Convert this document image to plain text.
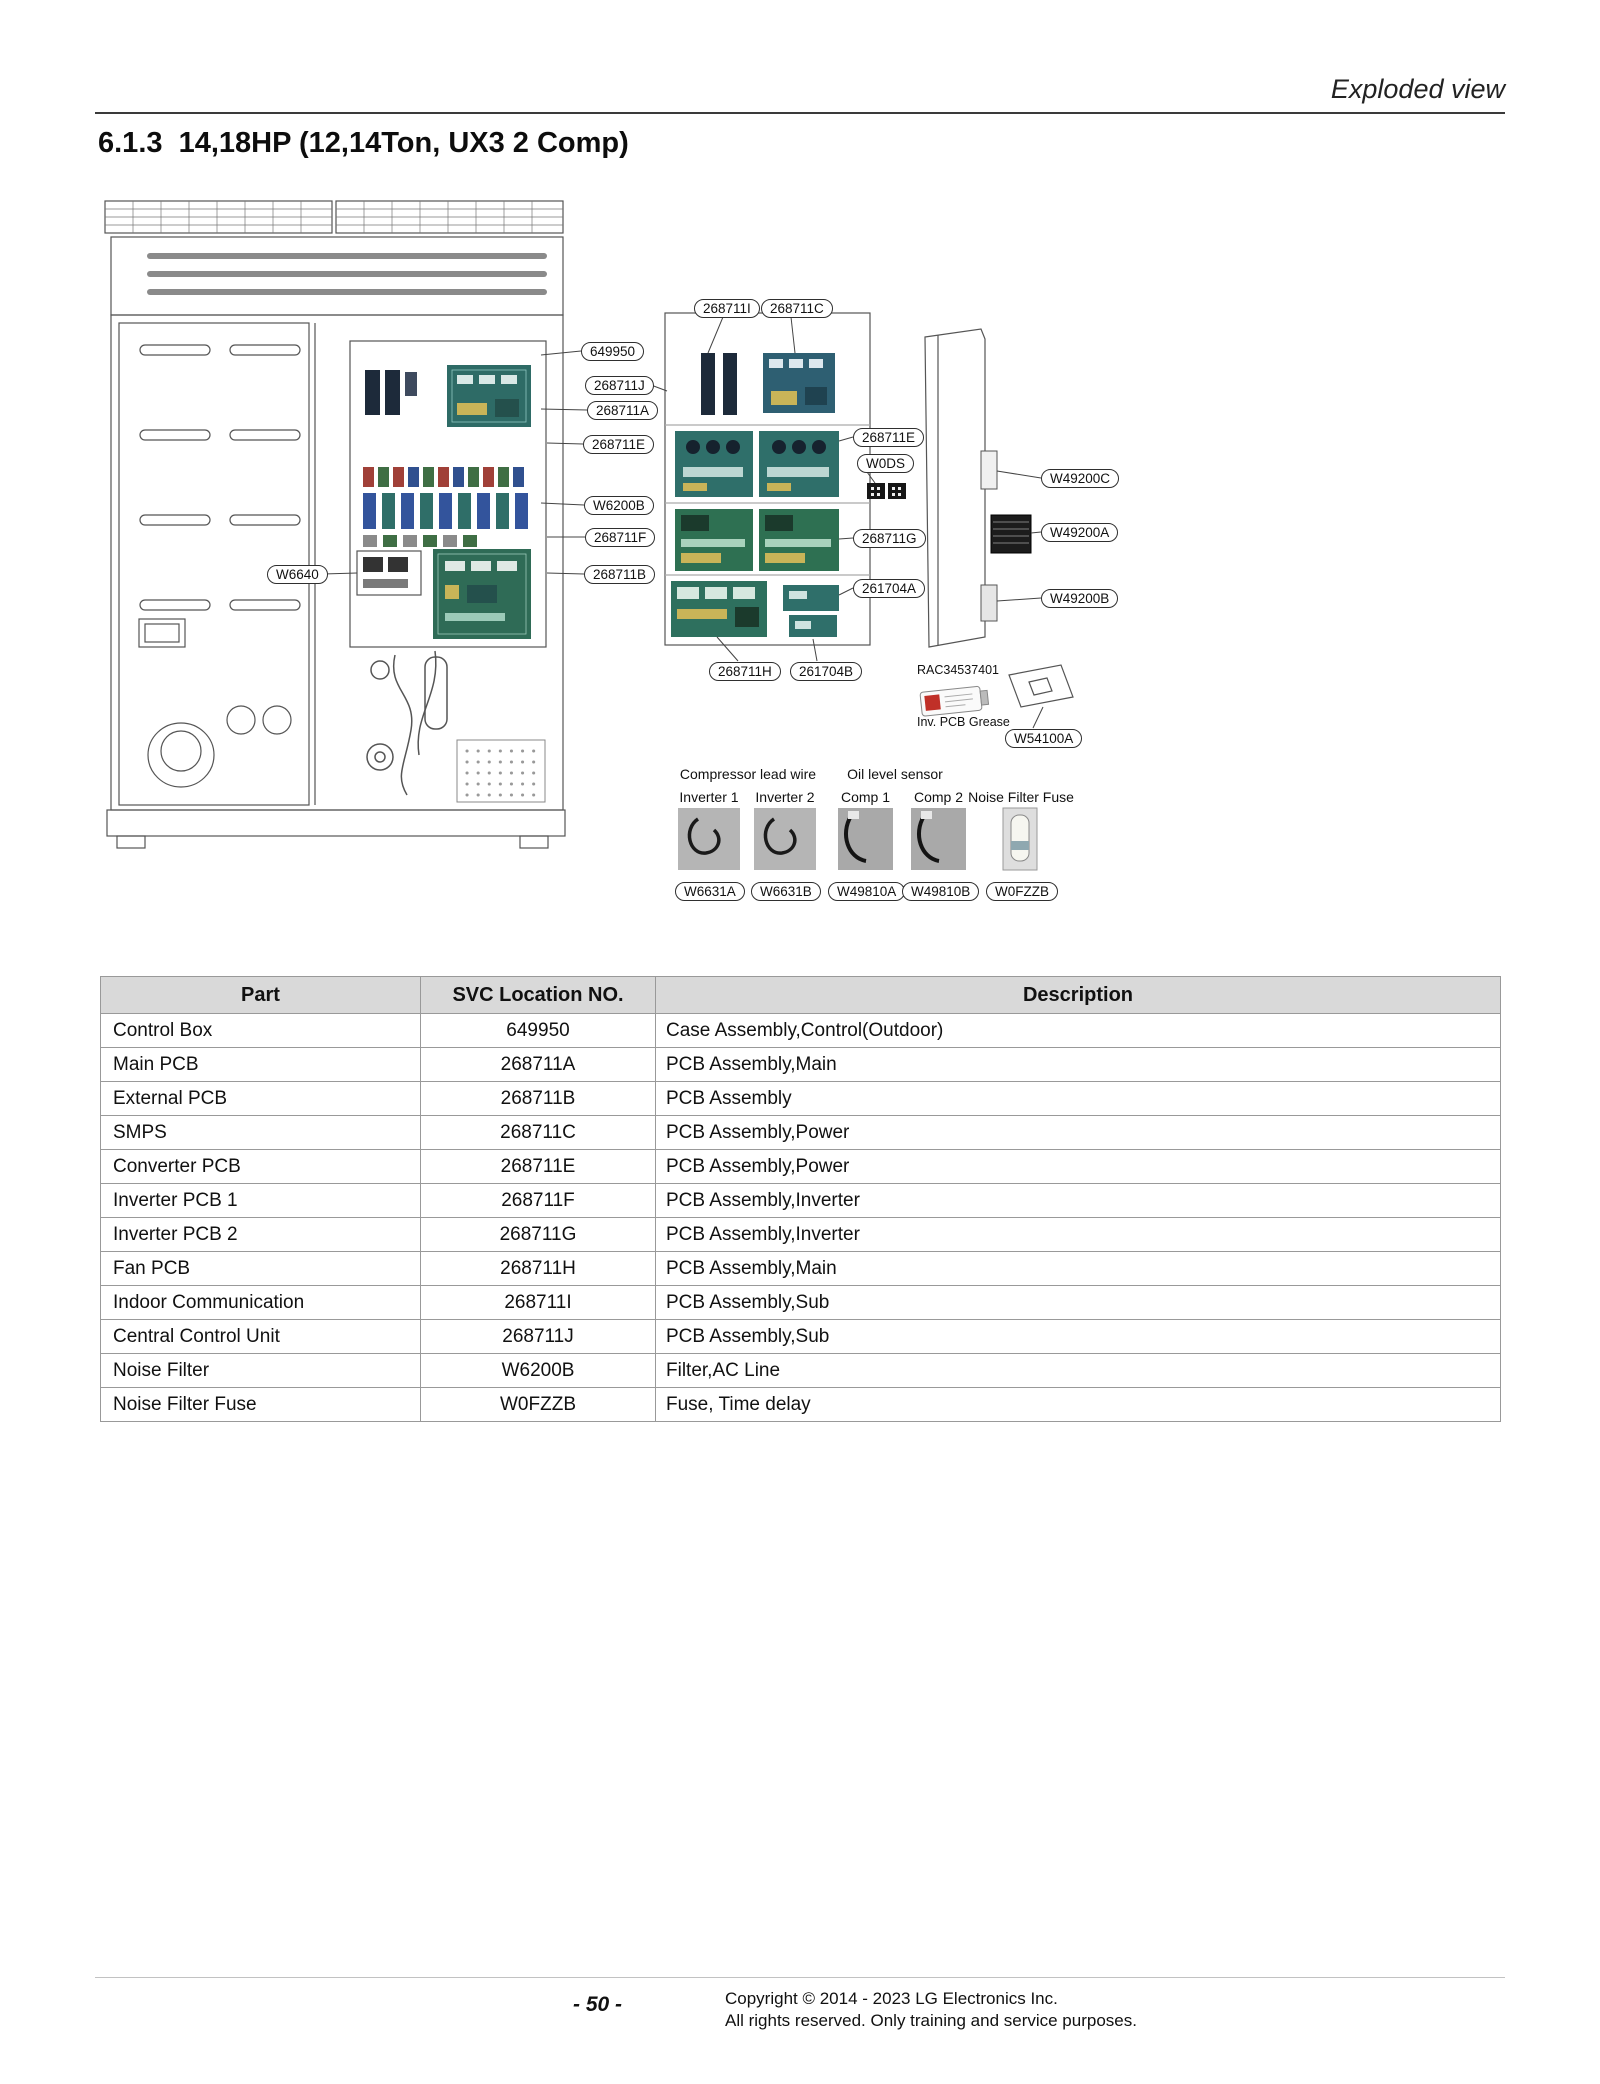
Exploded view
6.1.3  14,18HP (12,14Ton, UX3 2 Comp)
649950
268711J
268711A
268711E
W6200B
268711F
W6640	268711B
268711I	268711C
268711E
W0DS
W49200C
W49200A
268711G
261704A
W49200B
268711H	261704B
W54100A
W6631A	W6631B	W49810A	W49810B	W0FZZB
RAC34537401
Inv. PCB Grease
Compressor lead wire	Oil level sensor
Inverter 1 Inverter 2 Comp 1 Comp 2 Noise Filter Fuse
Part	SVC Location NO.	Description
Control Box	649950	Case Assembly,Control(Outdoor)
Main PCB	268711A	PCB Assembly,Main
External PCB	268711B	PCB Assembly
SMPS	268711C	PCB Assembly,Power
Converter PCB	268711E	PCB Assembly,Power
Inverter PCB 1	268711F	PCB Assembly,Inverter
Inverter PCB 2	268711G	PCB Assembly,Inverter
Fan PCB	268711H	PCB Assembly,Main
Indoor Communication	268711I	PCB Assembly,Sub
Central Control Unit	268711J	PCB Assembly,Sub
Noise Filter	W6200B	Filter,AC Line
Noise Filter Fuse	W0FZZB	Fuse, Time delay
- 50 -	Copyright © 2014 - 2023 LG Electronics Inc.
All rights reserved. Only training and service purposes.
